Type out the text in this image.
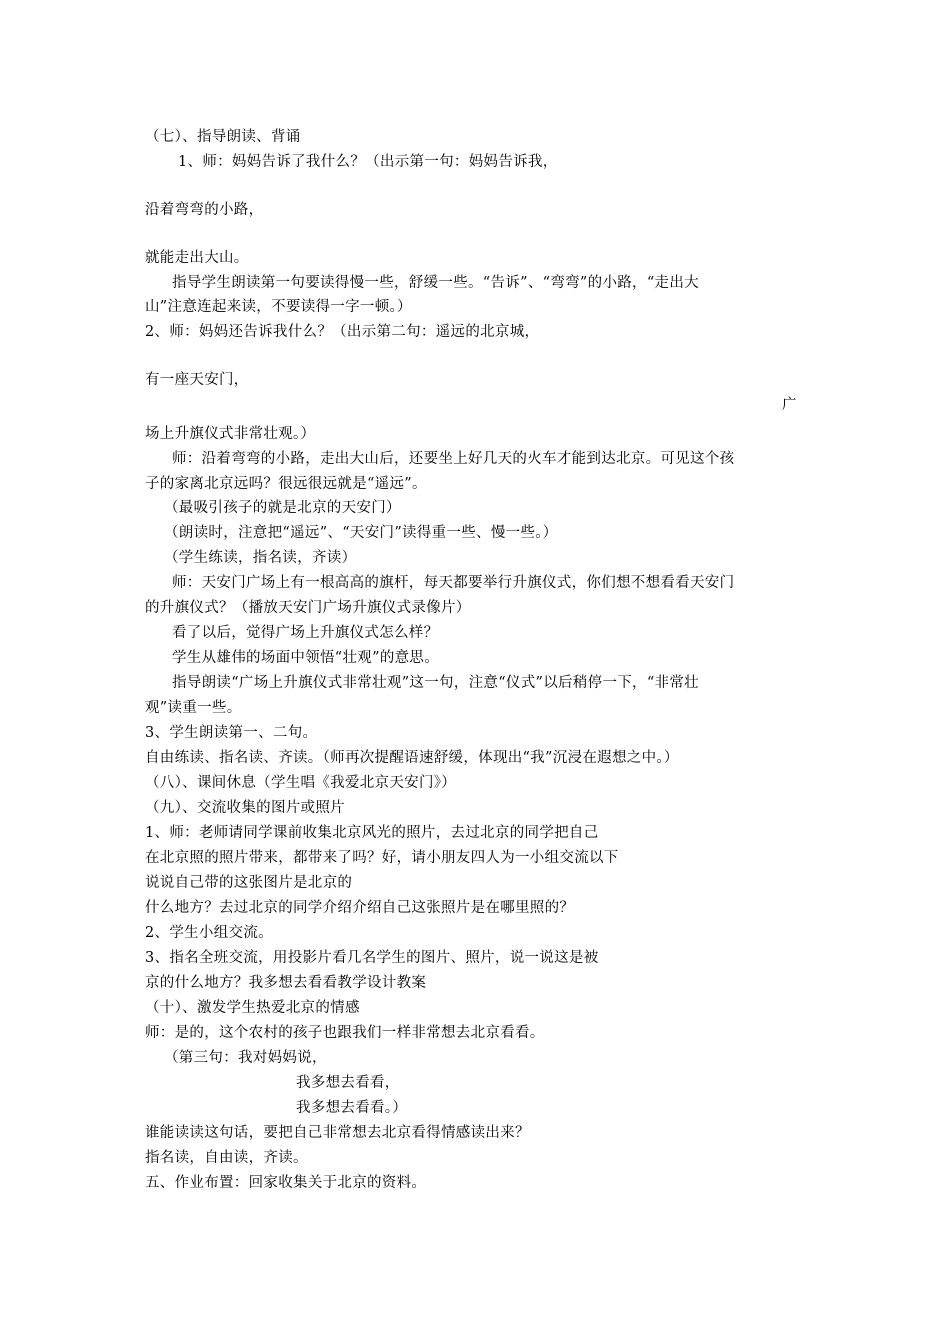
（七）、指导朗读、背诵
1、师：妈妈告诉了我什么？（出示第一句：妈妈告诉我，
沿着弯弯的小路，
就能走出大山。
指导学生朗读第一句要读得慢一些，舒缓一些。“告诉”、“弯弯”的小路，“走出大
山”注意连起来读，不要读得一字一顿。）
2、师：妈妈还告诉我什么？（出示第二句：遥远的北京城，
有一座天安门，
广
场上升旗仪式非常壮观。）
师：沿着弯弯的小路，走出大山后，还要坐上好几天的火车才能到达北京。可见这个孩
子的家离北京远吗？很远很远就是“遥远”。
（最吸引孩子的就是北京的天安门）
（朗读时，注意把“遥远”、“天安门”读得重一些、慢一些。）
（学生练读，指名读，齐读）
师：天安门广场上有一根高高的旗杆，每天都要举行升旗仪式，你们想不想看看天安门
的升旗仪式？（播放天安门广场升旗仪式录像片）
看了以后，觉得广场上升旗仪式怎么样？
学生从雄伟的场面中领悟“壮观”的意思。
指导朗读“广场上升旗仪式非常壮观”这一句，注意“仪式”以后稍停一下，“非常壮
观”读重一些。
3、学生朗读第一、二句。
自由练读、指名读、齐读。（师再次提醒语速舒缓，体现出“我”沉浸在遐想之中。）
（八）、课间休息（学生唱《我爱北京天安门》）
（九）、交流收集的图片或照片
1、师：老师请同学课前收集北京风光的照片，去过北京的同学把自己
在北京照的照片带来，都带来了吗？好，请小朋友四人为一小组交流以下
说说自己带的这张图片是北京的
什么地方？去过北京的同学介绍介绍自己这张照片是在哪里照的？
2、学生小组交流。
3、指名全班交流，用投影片看几名学生的图片、照片，说一说这是被
京的什么地方？我多想去看看教学设计教案
（十）、激发学生热爱北京的情感
师：是的，这个农村的孩子也跟我们一样非常想去北京看看。
（第三句：我对妈妈说，
我多想去看看，
我多想去看看。）
谁能读读这句话，要把自己非常想去北京看得情感读出来？
指名读，自由读，齐读。
五、作业布置：回家收集关于北京的资料。
